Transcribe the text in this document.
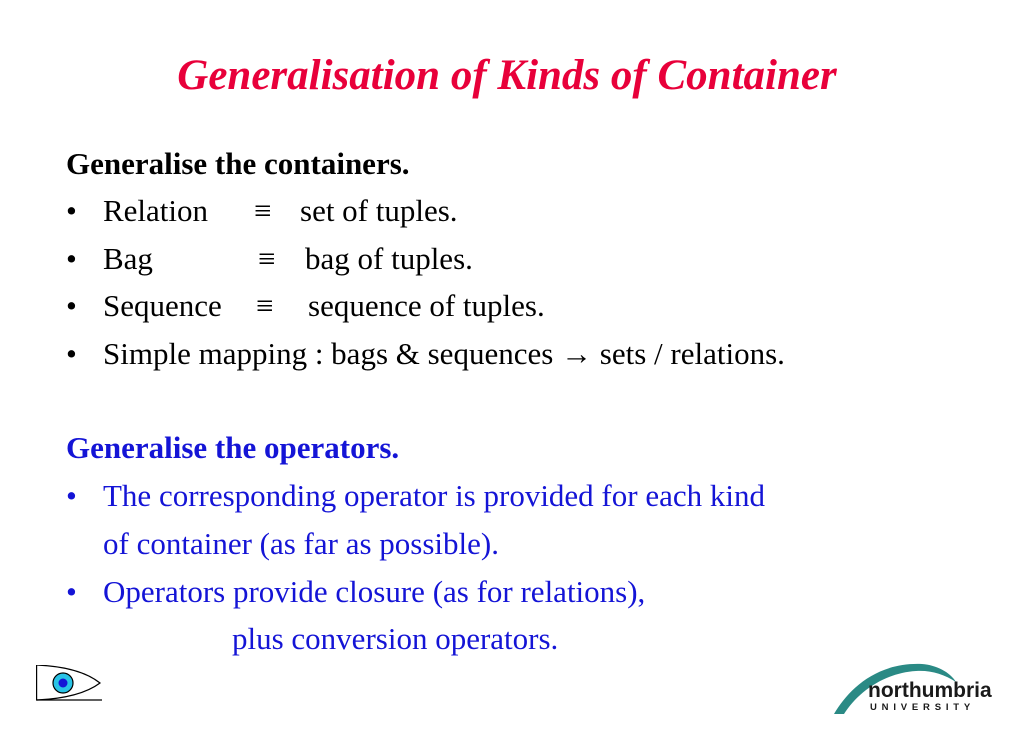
Generalisation of Kinds of Container
Generalise the containers.
• Relation ≡ set of tuples.
• Bag	≡ bag of tuples.
• Sequence ≡ sequence of tuples.
• Simple mapping : bags & sequences → sets / relations.
Generalise the operators.
• The corresponding operator is provided for each kind
of container (as far as possible).
• Operators provide closure (as for relations),
plus conversion operators.
northumbria
UNIVERSITY
